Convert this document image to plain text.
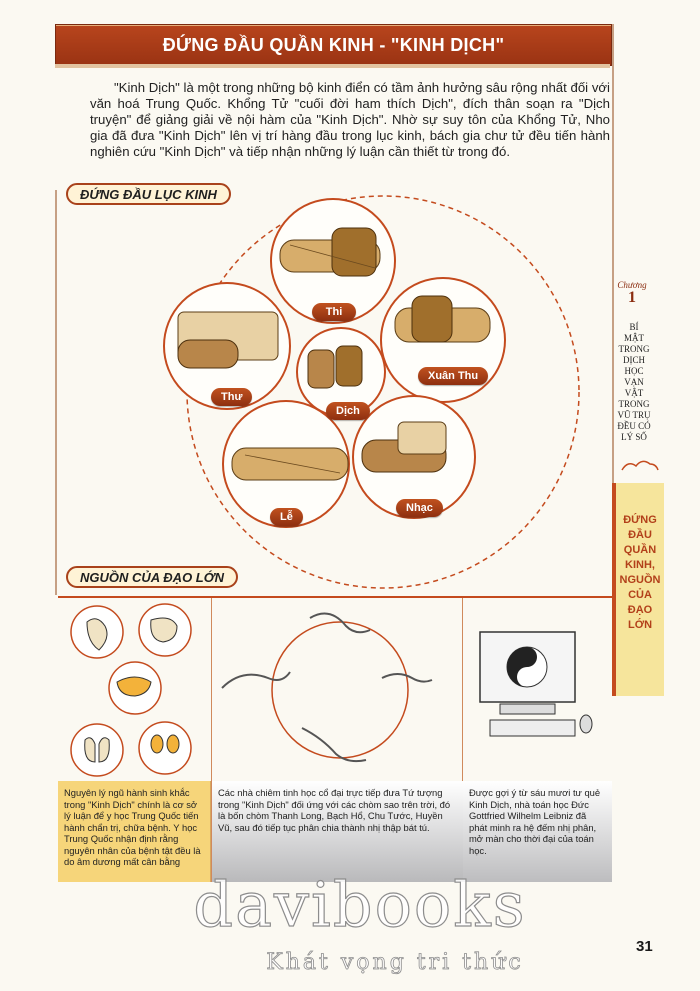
ĐỨNG ĐẦU QUẦN KINH - "KINH DỊCH"
"Kinh Dịch" là một trong những bộ kinh điển có tầm ảnh hưởng sâu rộng nhất đối với văn hoá Trung Quốc. Khổng Tử "cuối đời ham thích Dịch", đích thân soạn ra "Dịch truyện" để giảng giải về nội hàm của "Kinh Dịch". Nhờ sự suy tôn của Khổng Tử, Nho gia đã đưa "Kinh Dịch" lên vị trí hàng đầu trong lục kinh, bách gia chư tử đều tiến hành nghiên cứu "Kinh Dịch" và tiếp nhận những lý luận cần thiết từ trong đó.
ĐỨNG ĐẦU LỤC KINH
Thi
Xuân Thu
Thư
Dịch
Lễ
Nhạc
NGUỒN CỦA ĐẠO LỚN
Nguyên lý ngũ hành sinh khắc trong "Kinh Dịch" chính là cơ sở lý luận để y học Trung Quốc tiến hành chẩn trị, chữa bệnh. Y học Trung Quốc nhận định rằng nguyên nhân của bệnh tật đều là do âm dương mất cân bằng
Các nhà chiêm tinh học cổ đại trực tiếp đưa Tứ tượng trong "Kinh Dịch" đối ứng với các chòm sao trên trời, đó là bốn chòm Thanh Long, Bạch Hổ, Chu Tước, Huyền Vũ, sau đó tiếp tục phân chia thành nhị thập bát tú.
Được gợi ý từ sáu mươi tư quẻ Kinh Dịch, nhà toán học Đức Gottfried Wilhelm Leibniz đã phát minh ra hệ đếm nhị phân, mở màn cho thời đại của toán học.
Chương
1
BÍ
MẬT
TRONG
DỊCH
HỌC
VẠN
VẬT
TRONG
VŨ TRỤ
ĐỀU CÓ
LÝ SỐ
ĐỨNG
ĐẦU
QUẦN
KINH,
NGUỒN
CỦA
ĐẠO
LỚN
davibooks
Khát vọng tri thức
31
